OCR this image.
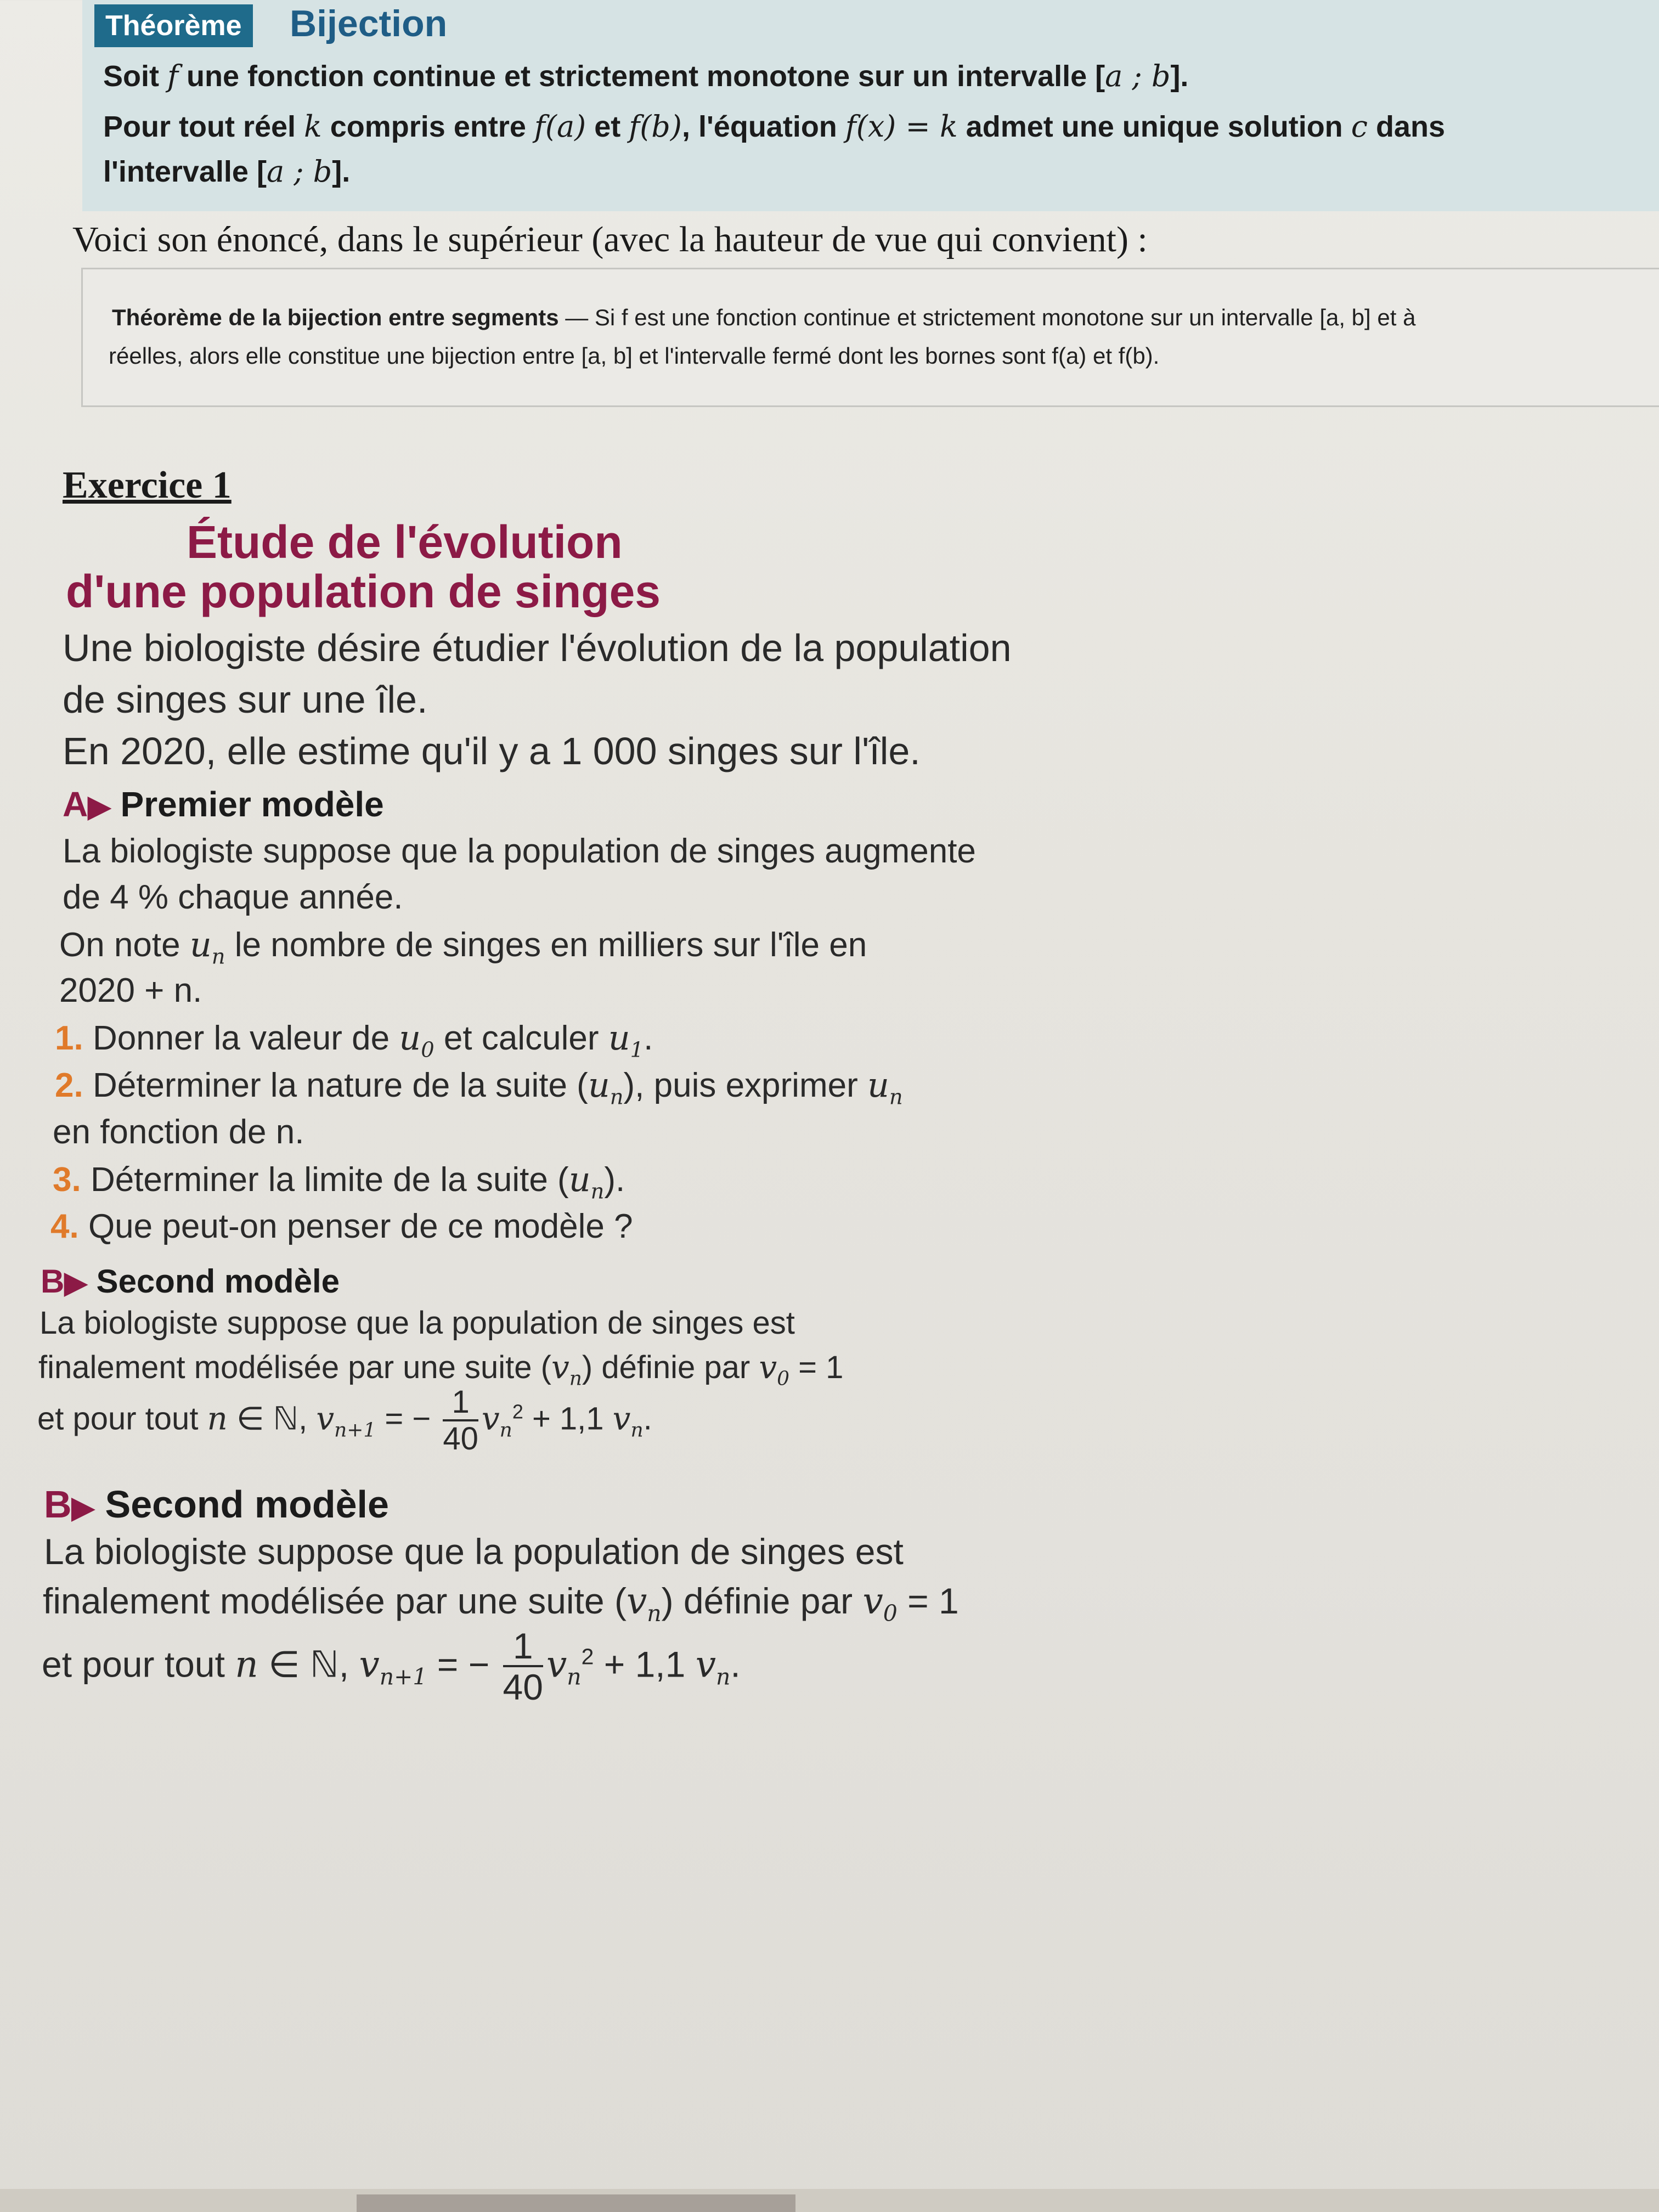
Théorème Bijection
Soit f une fonction continue et strictement monotone sur un intervalle [a ; b].
Pour tout réel k compris entre f(a) et f(b), l'équation f(x) = k admet une unique solution c dans
l'intervalle [a ; b].
Voici son énoncé, dans le supérieur (avec la hauteur de vue qui convient) :
Théorème de la bijection entre segments — Si f est une fonction continue et strictement monotone sur un intervalle [a, b] et à
réelles, alors elle constitue une bijection entre [a, b] et l'intervalle fermé dont les bornes sont f(a) et f(b).
Exercice 1
Étude de l'évolution
d'une population de singes
Une biologiste désire étudier l'évolution de la population
de singes sur une île.
En 2020, elle estime qu'il y a 1 000 singes sur l'île.
A▶ Premier modèle
La biologiste suppose que la population de singes augmente
de 4 % chaque année.
On note $u_n$ le nombre de singes en milliers sur l'île en
2020 + n.
1. Donner la valeur de $u_0$ et calculer $u_1$.
2. Déterminer la nature de la suite $(u_n)$, puis exprimer $u_n$
en fonction de n.
3. Déterminer la limite de la suite $(u_n)$.
4. Que peut-on penser de ce modèle ?
B▶ Second modèle
La biologiste suppose que la population de singes est
finalement modélisée par une suite $(v_n)$ définie par $v_0 = 1$
et pour tout n ∈ ℕ, $v_{n+1}$ = − $\frac{1}{40} v_n^2 + 1,1$ $v_n$.
B▶ Second modèle
La biologiste suppose que la population de singes est
finalement modélisée par une suite $(v_n)$ définie par $v_0 = 1$
et pour tout n ∈ ℕ, $v_{n+1}$ = − $\frac{1}{40} v_n^2 + 1,1$ $v_n$.
